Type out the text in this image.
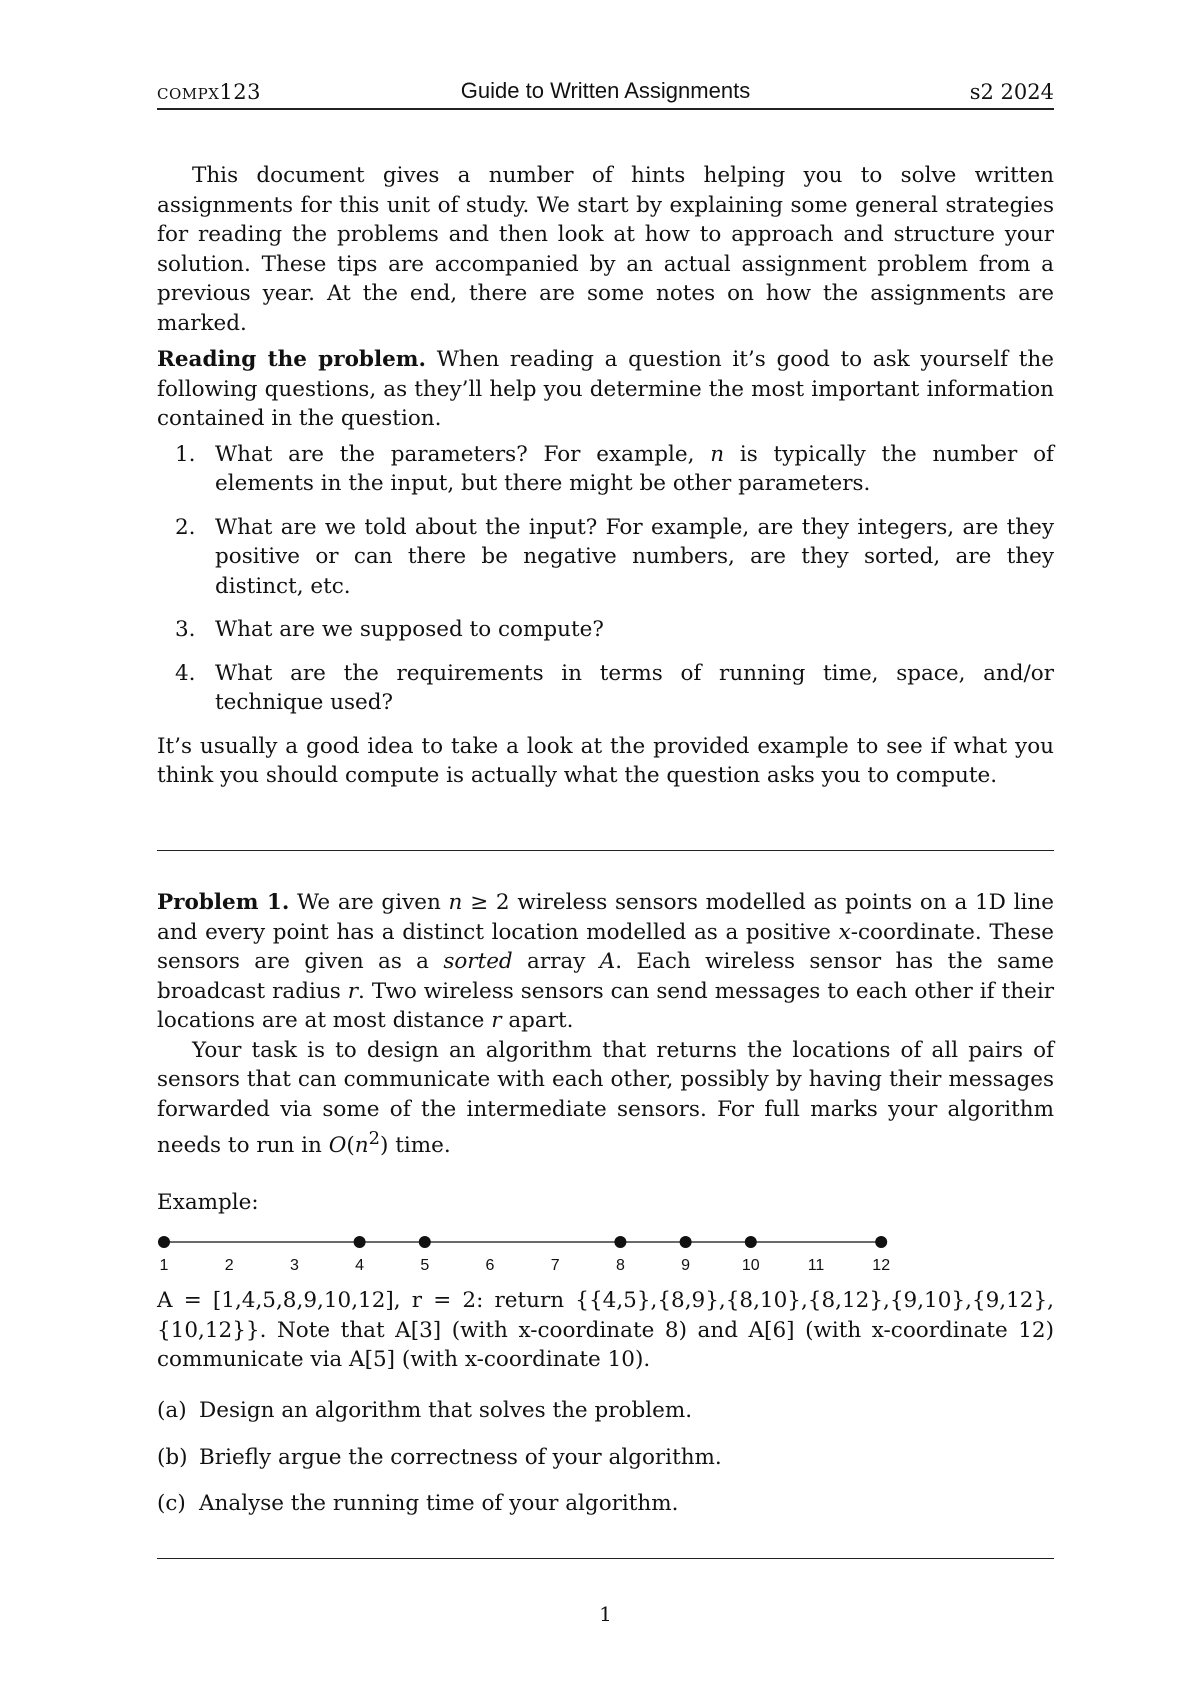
compx123	Guide to Written Assignments	s2 2024

This document gives a number of hints helping you to solve written assignments for this unit of study. We start by explaining some general strategies for reading the problems and then look at how to approach and structure your solution. These tips are accompanied by an actual assignment problem from a previous year. At the end, there are some notes on how the assignments are marked.

Reading the problem. When reading a question it’s good to ask yourself the following questions, as they’ll help you determine the most important information contained in the question.

1. What are the parameters? For example, n is typically the number of elements in the input, but there might be other parameters.
2. What are we told about the input? For example, are they integers, are they positive or can there be negative numbers, are they sorted, are they distinct, etc.
3. What are we supposed to compute?
4. What are the requirements in terms of running time, space, and/or technique used?

It’s usually a good idea to take a look at the provided example to see if what you think you should compute is actually what the question asks you to compute.

Problem 1. We are given n ≥ 2 wireless sensors modelled as points on a 1D line and every point has a distinct location modelled as a positive x-coordinate. These sensors are given as a sorted array A. Each wireless sensor has the same broadcast radius r. Two wireless sensors can send messages to each other if their locations are at most distance r apart.

Your task is to design an algorithm that returns the locations of all pairs of sensors that can communicate with each other, possibly by having their messages forwarded via some of the intermediate sensors. For full marks your algorithm needs to run in $O(n^2)$ time.

Example:
1	2	3	4	5	6	7	8	9	10	11	12

A = [1,4,5,8,9,10,12], r = 2: return {{4,5},{8,9},{8,10},{8,12},{9,10},{9,12}, {10,12}}. Note that A[3] (with x-coordinate 8) and A[6] (with x-coordinate 12) communicate via A[5] (with x-coordinate 10).

(a) Design an algorithm that solves the problem.
(b) Briefly argue the correctness of your algorithm.
(c) Analyse the running time of your algorithm.
1
